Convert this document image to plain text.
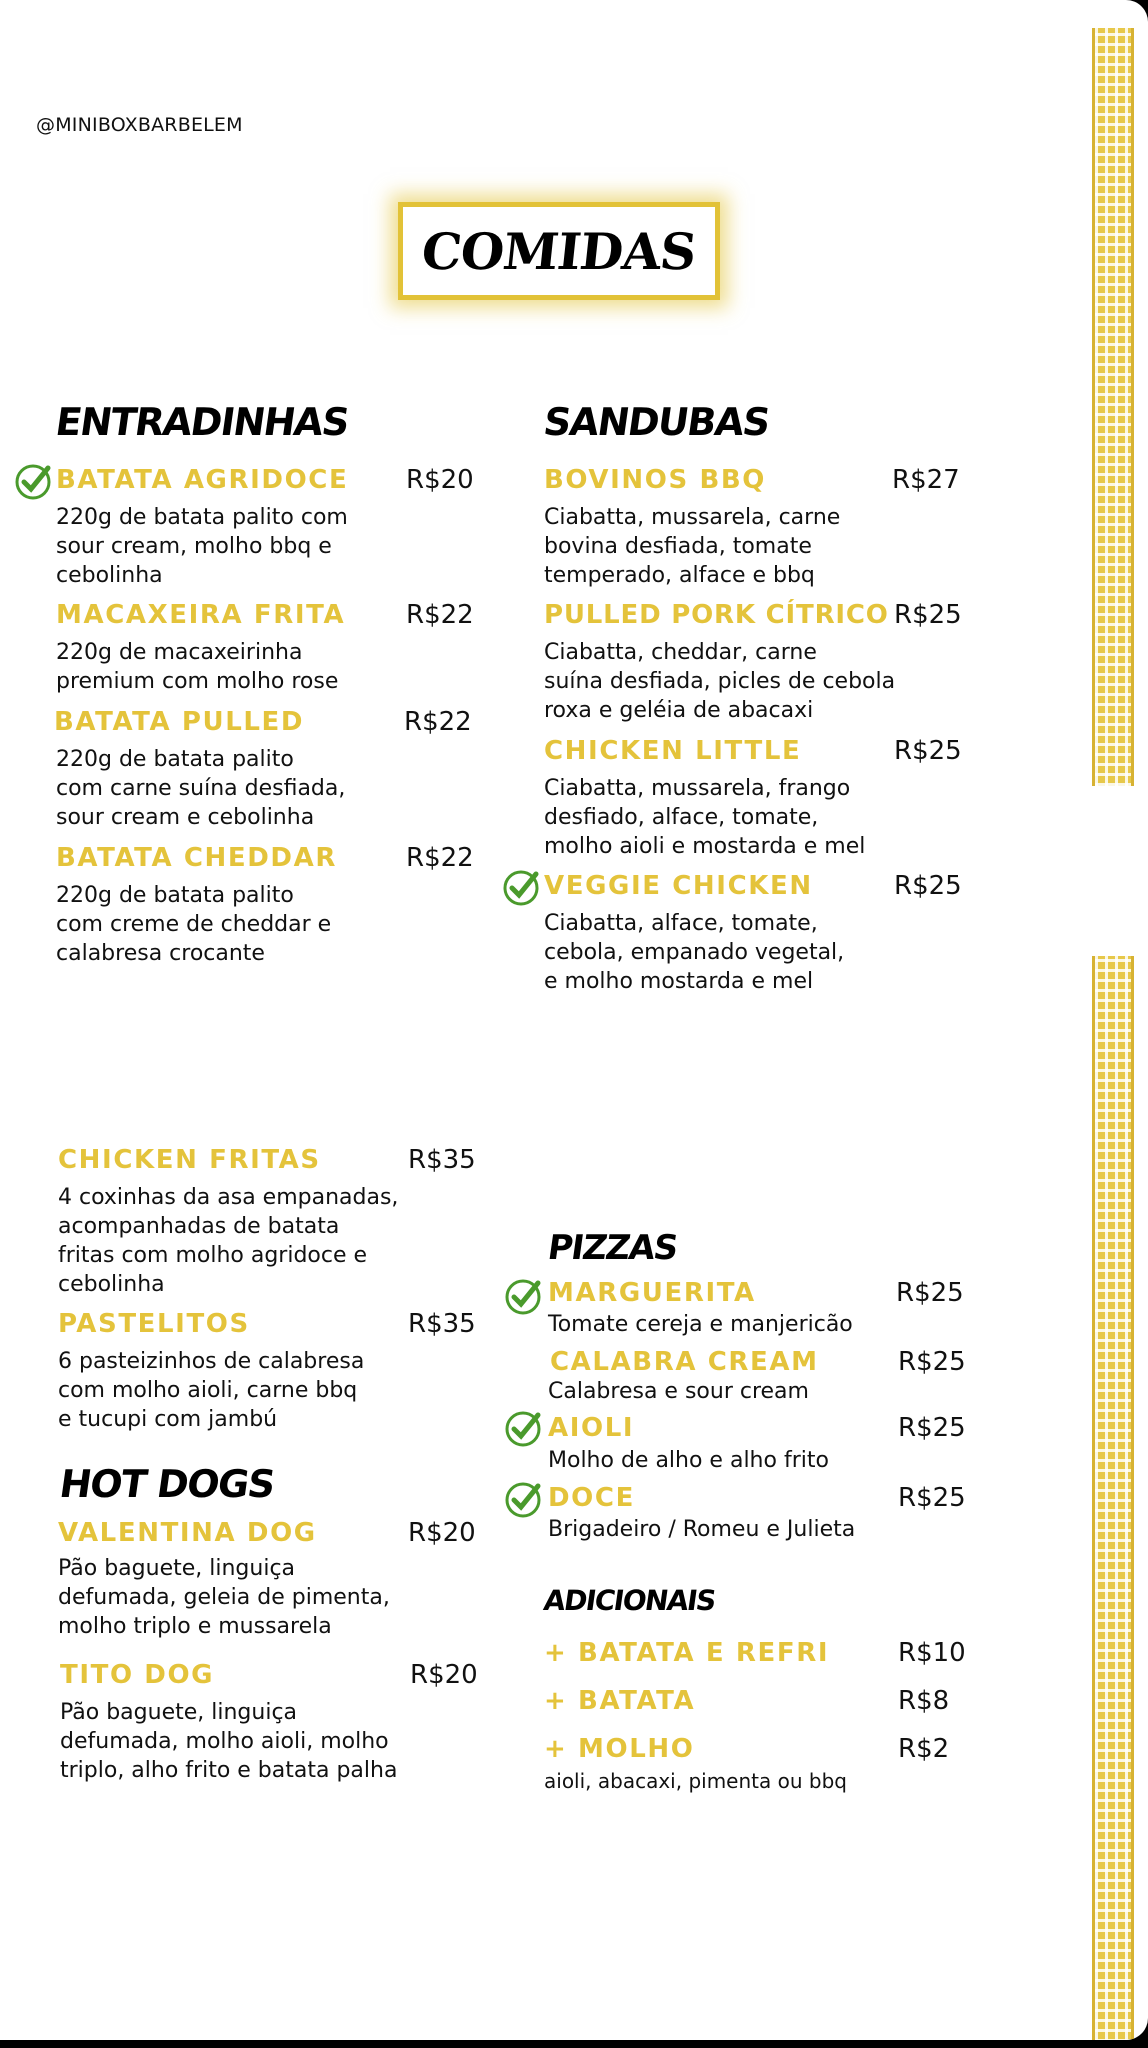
@MINIBOXBARBELEM
COMIDAS
ENTRADINHAS	SANDUBAS
HOT DOGS
PIZZAS
ADICIONAIS
BATATA AGRIDOCE R$20
220g de batata palito com
sour cream, molho bbq e
cebolinha
MACAXEIRA FRITA R$22
220g de macaxeirinha
premium com molho rose
BATATA PULLED	R$22
220g de batata palito
com carne suína desfiada,
sour cream e cebolinha
BATATA CHEDDAR	R$22
220g de batata palito
com creme de cheddar e
calabresa crocante
CHICKEN FRITAS	R$35
4 coxinhas da asa empanadas,
acompanhadas de batata
fritas com molho agridoce e
cebolinha
PASTELITOS	R$35
6 pasteizinhos de calabresa
com molho aioli, carne bbq
e tucupi com jambú
BOVINOS BBQ	R$27
Ciabatta, mussarela, carne
bovina desfiada, tomate
temperado, alface e bbq
PULLED PORK CÍTRICO R$25
Ciabatta, cheddar, carne
suína desfiada, picles de cebola
roxa e geléia de abacaxi
CHICKEN LITTLE	R$25
Ciabatta, mussarela, frango
desfiado, alface, tomate,
molho aioli e mostarda e mel
VEGGIE CHICKEN	R$25
Ciabatta, alface, tomate,
cebola, empanado vegetal,
e molho mostarda e mel
VALENTINA DOG	R$20
Pão baguete, linguiça
defumada, geleia de pimenta,
molho triplo e mussarela
TITO DOG	R$20
Pão baguete, linguiça
defumada, molho aioli, molho
triplo, alho frito e batata palha
MARGUERITA	R$25
Tomate cereja e manjericão
CALABRA CREAM	R$25
Calabresa e sour cream
AIOLI	R$25
Molho de alho e alho frito
DOCE	R$25
Brigadeiro / Romeu e Julieta
+ BATATA E REFRI	R$10
+ BATATA	R$8
+ MOLHO	R$2
aioli, abacaxi, pimenta ou bbq
